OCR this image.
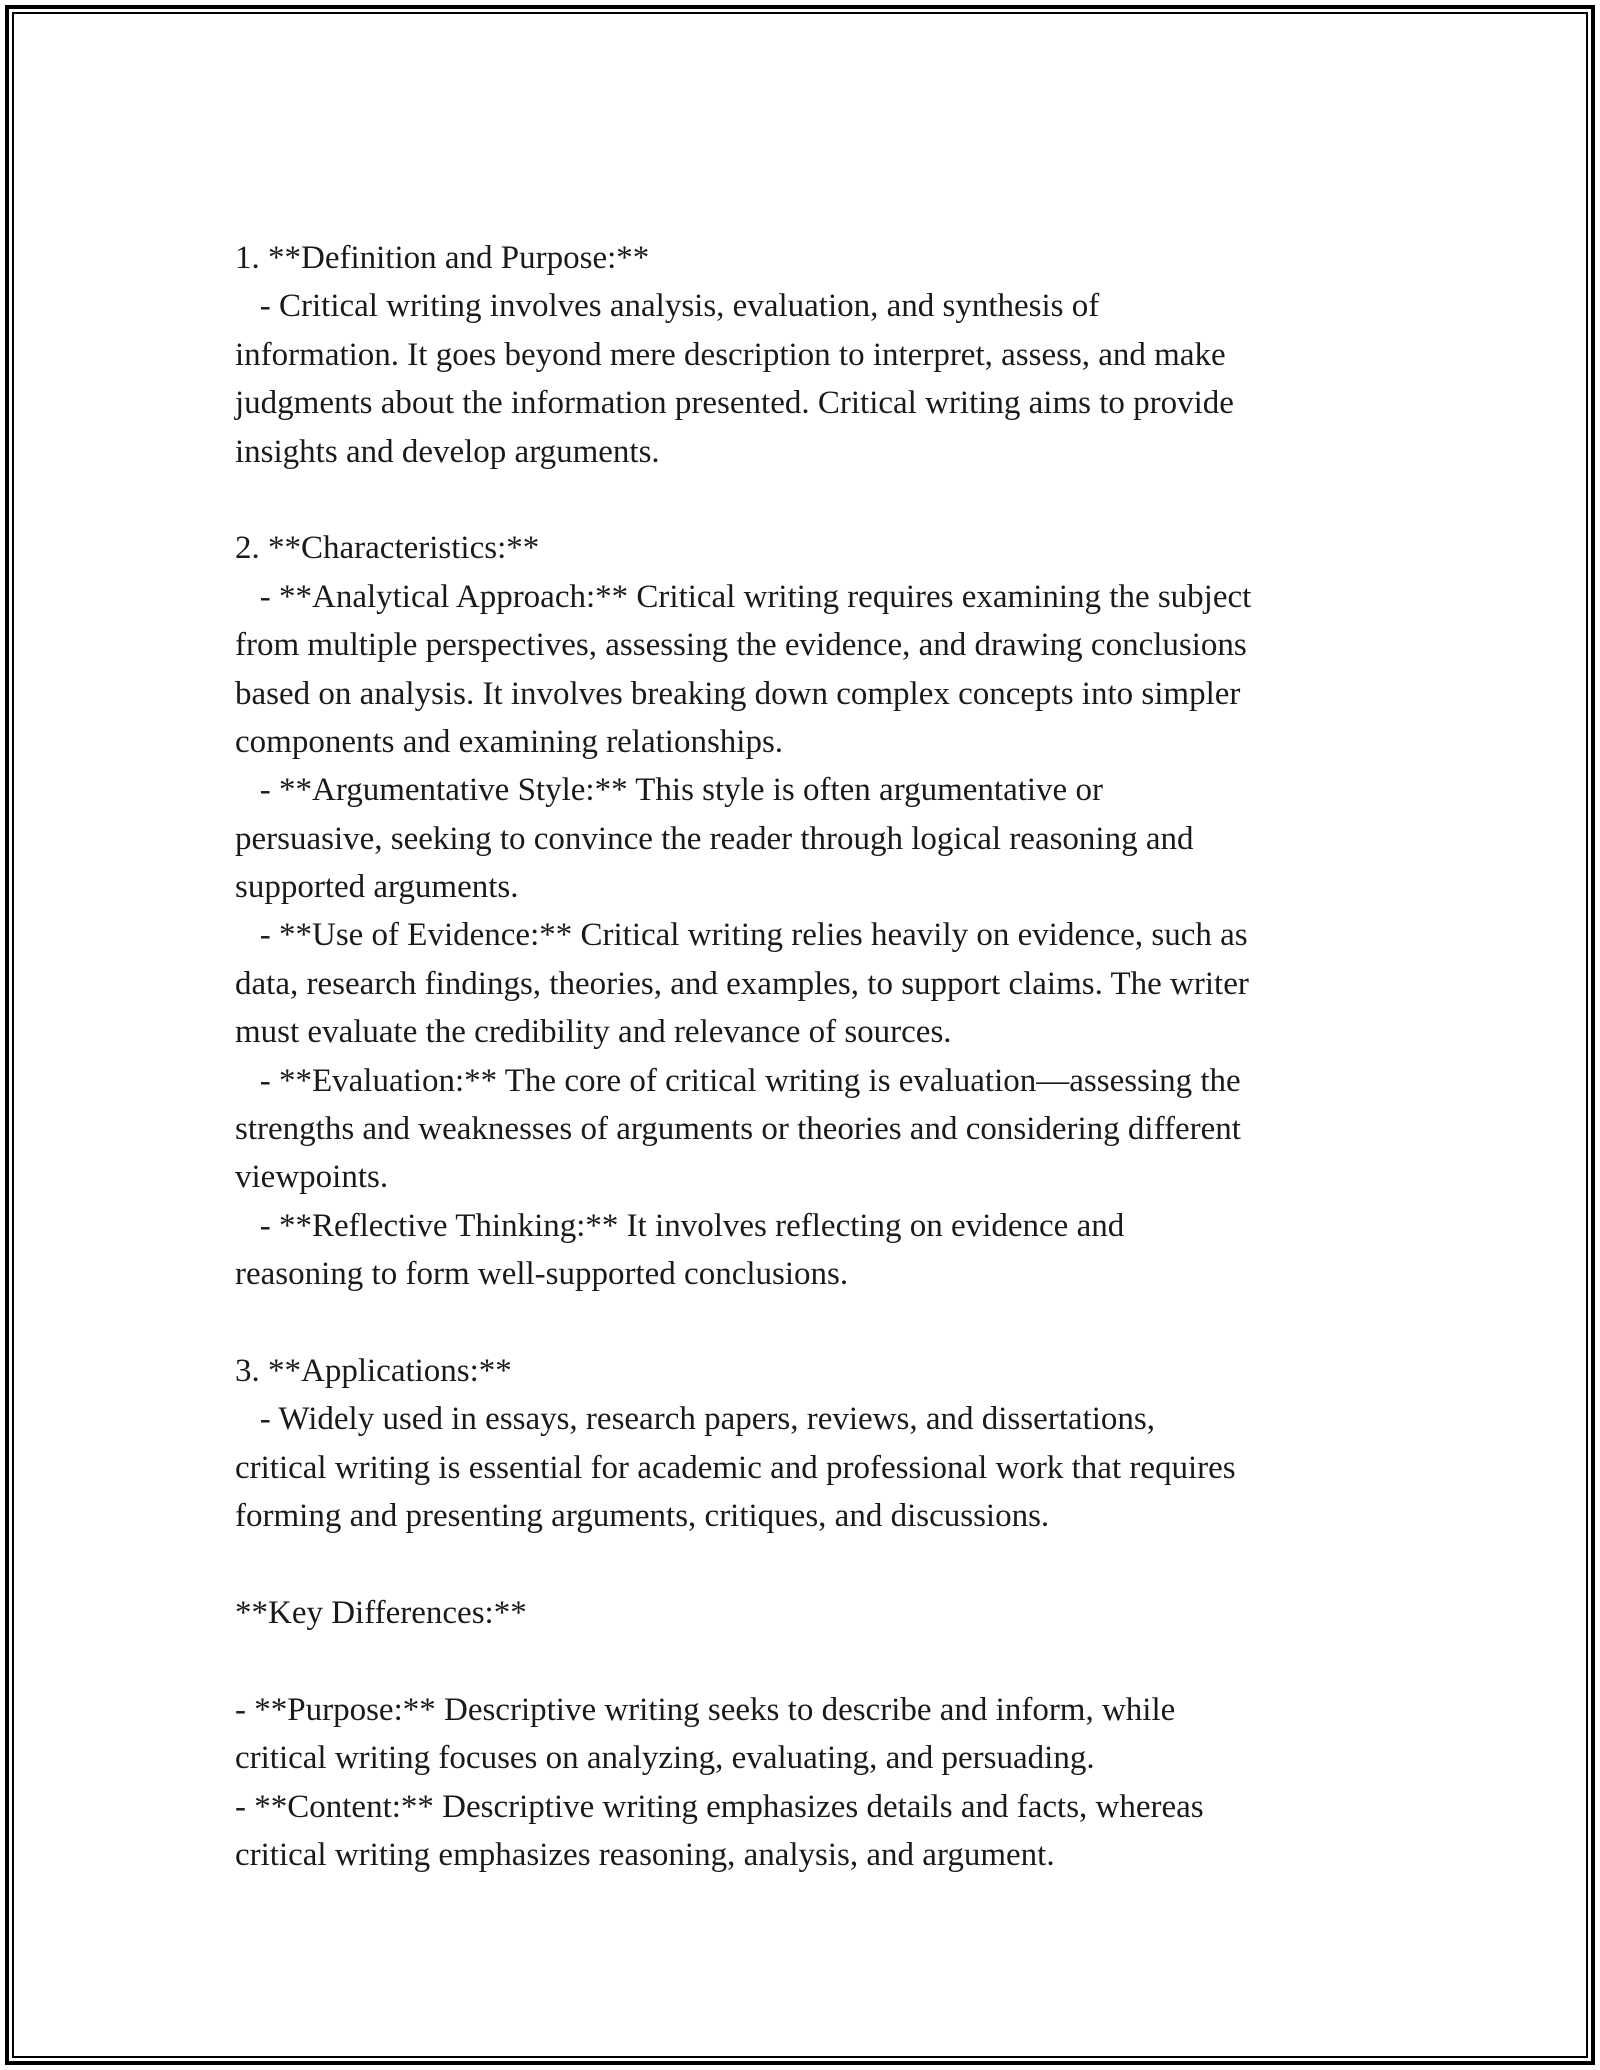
1. **Definition and Purpose:**
- Critical writing involves analysis, evaluation, and synthesis of
information. It goes beyond mere description to interpret, assess, and make
judgments about the information presented. Critical writing aims to provide
insights and develop arguments.
2. **Characteristics:**
- **Analytical Approach:** Critical writing requires examining the subject
from multiple perspectives, assessing the evidence, and drawing conclusions
based on analysis. It involves breaking down complex concepts into simpler
components and examining relationships.
- **Argumentative Style:** This style is often argumentative or
persuasive, seeking to convince the reader through logical reasoning and
supported arguments.
- **Use of Evidence:** Critical writing relies heavily on evidence, such as
data, research findings, theories, and examples, to support claims. The writer
must evaluate the credibility and relevance of sources.
- **Evaluation:** The core of critical writing is evaluation—assessing the
strengths and weaknesses of arguments or theories and considering different
viewpoints.
- **Reflective Thinking:** It involves reflecting on evidence and
reasoning to form well-supported conclusions.
3. **Applications:**
- Widely used in essays, research papers, reviews, and dissertations,
critical writing is essential for academic and professional work that requires
forming and presenting arguments, critiques, and discussions.
**Key Differences:**
- **Purpose:** Descriptive writing seeks to describe and inform, while
critical writing focuses on analyzing, evaluating, and persuading.
- **Content:** Descriptive writing emphasizes details and facts, whereas
critical writing emphasizes reasoning, analysis, and argument.
